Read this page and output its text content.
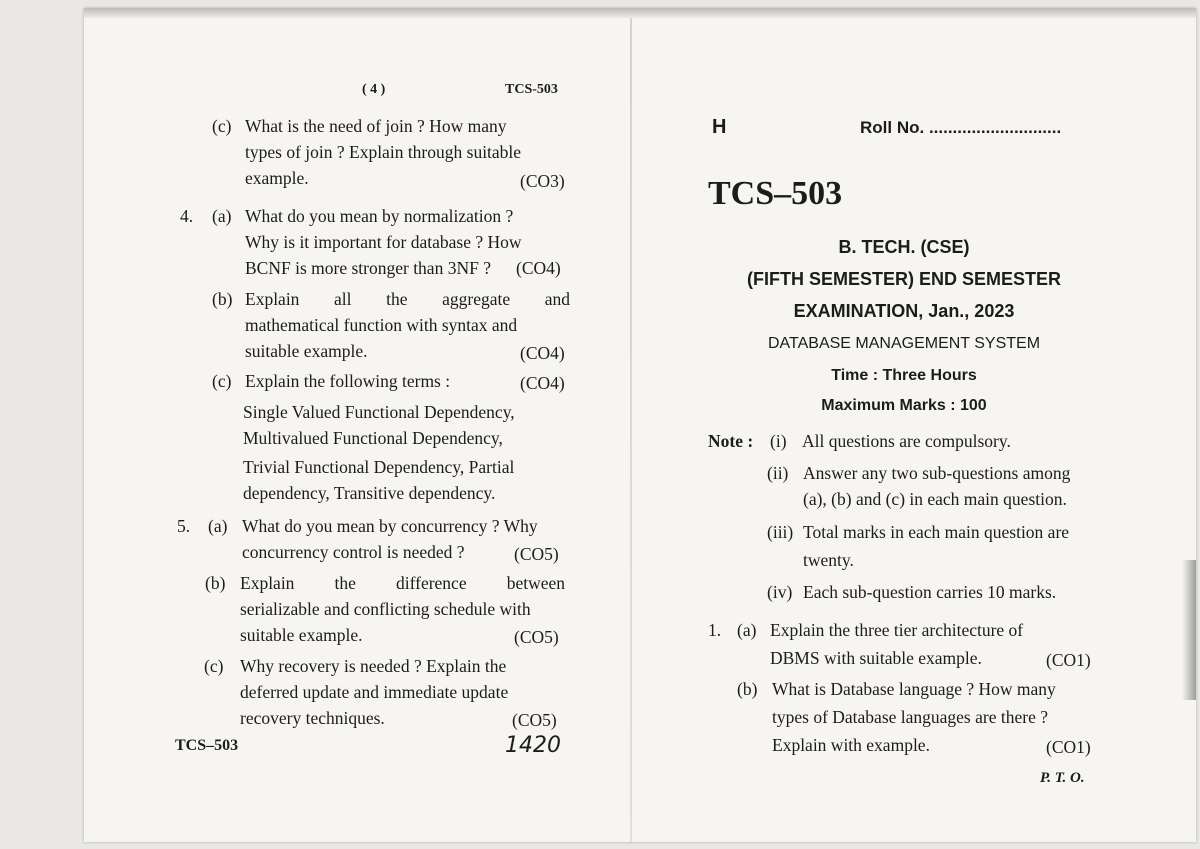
( 4 )	TCS-503
(c) What is the need of join ? How many
types of join ? Explain through suitable
example.	(CO3)
4. (a) What do you mean by normalization ?
Why is it important for database ? How
BCNF is more stronger than 3NF ? (CO4)
(b) Explain all the aggregate and
mathematical function with syntax and
suitable example.	(CO4)
(c) Explain the following terms :	(CO4)
Single Valued Functional Dependency,
Multivalued Functional Dependency,
Trivial Functional Dependency, Partial
dependency, Transitive dependency.
5. (a) What do you mean by concurrency ? Why
concurrency control is needed ?	(CO5)
(b) Explain the difference between
serializable and conflicting schedule with
suitable example.	(CO5)
(c) Why recovery is needed ? Explain the
deferred update and immediate update
recovery techniques.	(CO5)
TCS–503	1420
H	Roll No. ............................
TCS–503
B. TECH. (CSE)
(FIFTH SEMESTER) END SEMESTER
EXAMINATION, Jan., 2023
DATABASE MANAGEMENT SYSTEM
Time : Three Hours
Maximum Marks : 100
Note : (i) All questions are compulsory.
(ii) Answer any two sub-questions among
(a), (b) and (c) in each main question.
(iii) Total marks in each main question are
twenty.
(iv) Each sub-question carries 10 marks.
1. (a) Explain the three tier architecture of
DBMS with suitable example.	(CO1)
(b) What is Database language ? How many
types of Database languages are there ?
Explain with example.	(CO1)
P. T. O.
